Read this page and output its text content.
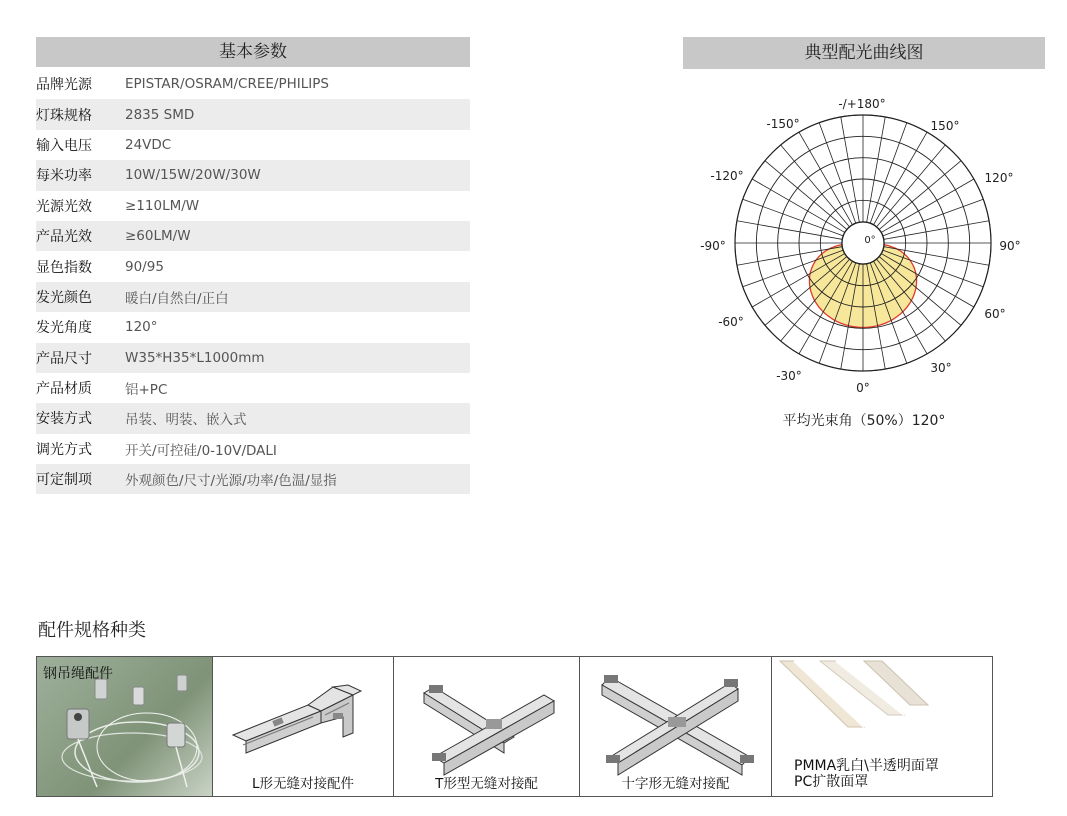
基本参数
品牌光源	EPISTAR/OSRAM/CREE/PHILIPS
灯珠规格	2835 SMD
输入电压	24VDC
每米功率	10W/15W/20W/30W
光源光效	≥110LM/W
产品光效	≥60LM/W
显色指数	90/95
发光颜色	暖白/自然白/正白
发光角度	120°
产品尺寸	W35*H35*L1000mm
产品材质	铝+PC
安装方式	吊装、明装、嵌入式
调光方式	开关/可控硅/0-10V/DALI
可定制项	外观颜色/尺寸/光源/功率/色温/显指
典型配光曲线图
-/+180°
-150°	150°
-120°	120°
-90°	90°
-60°
60°
-30°
30°
0°
0°
平均光束角（50%）120°
配件规格种类
钢吊绳配件
L形无缝对接配件	T形型无缝对接配	十字形无缝对接配
PMMA乳白\半透明面罩
PC扩散面罩
